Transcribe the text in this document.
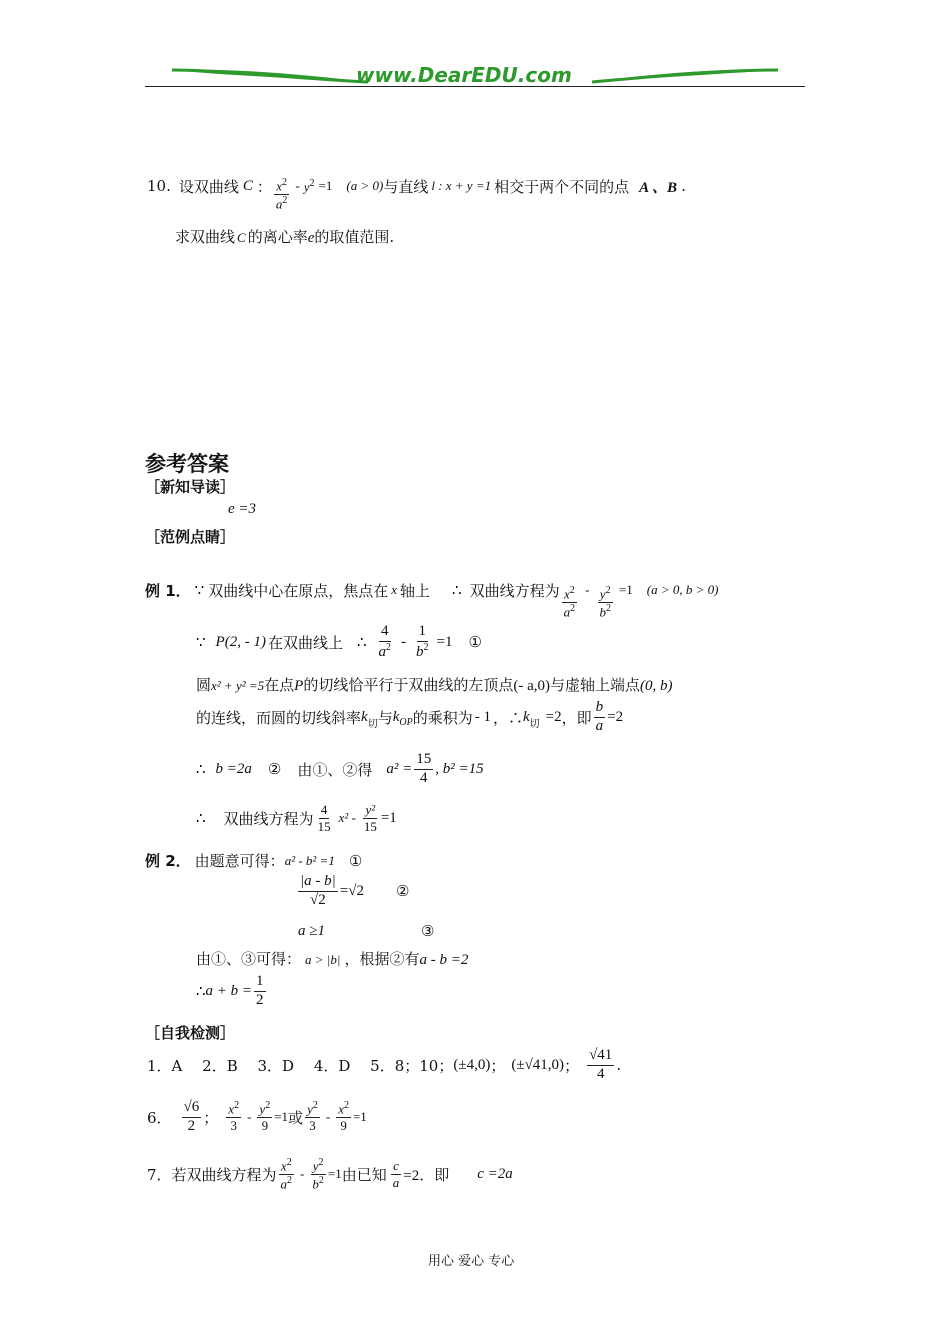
www.DearEDU.com
10. 设双曲线 C ： $\frac{x^2}{a^2} - y^2 =1$ (a > 0) 与直线 l : x + y =1 相交于两个不同的点 A 、B .
求双曲线 C 的离心率e的取值范围.
参考答案
［新知导读］
e =3
［范例点睛］
例 1． ∵ 双曲线中心在原点，焦点在 x 轴上 ∴ 双曲线方程为 $\frac{x^2}{a^2} - \frac{y^2}{b^2} =1$ (a > 0, b > 0)
∵ P(2, - 1) 在双曲线上 ∴ $\frac{4}{a^2} - \frac{1}{b^2} =1$ ①
圆x² + y² =5在点P的切线恰平行于双曲线的左顶点(- a,0)与虚轴上端点(0, b)
的连线，而圆的切线斜率 $k_切$ 与 $k_{OP}$ 的乘积为 - 1 ，∴ $k_切 =2$ ，即 $\frac{b}{a} =2$
∴ b =2a ② 由①、②得 $a^2 = \frac{15}{4}$ , b² =15
∴ 双曲线方程为 $\frac{4}{15} x^2 - \frac{\text{y²}}{15} =1$
例 2． 由题意可得： a² - b² =1 ①
$\frac{|a - b|}{√2} =√2$ ②
a ≥1	③
由①、③可得： a > |b| ，根据②有a - b =2
∴ $a + b = \frac{1}{2}$
［自我检测］
1．A　 2．B　 3．D　 4．D　 5．8；10； (±4,0) ； (±√41,0) ； $\frac{√41}{4}$ .
6． $\frac{√6}{2}$ ； $\frac{x^2}{3} - \frac{y^2}{9} =1$ 或 $\frac{y^2}{3} - \frac{x^2}{9} =1$
7．若双曲线方程为 $\frac{x^2}{a^2} - \frac{y^2}{b^2} =1$ 由已知 $\frac{c}{a} =2$．即 c =2a
用心 爱心 专心
